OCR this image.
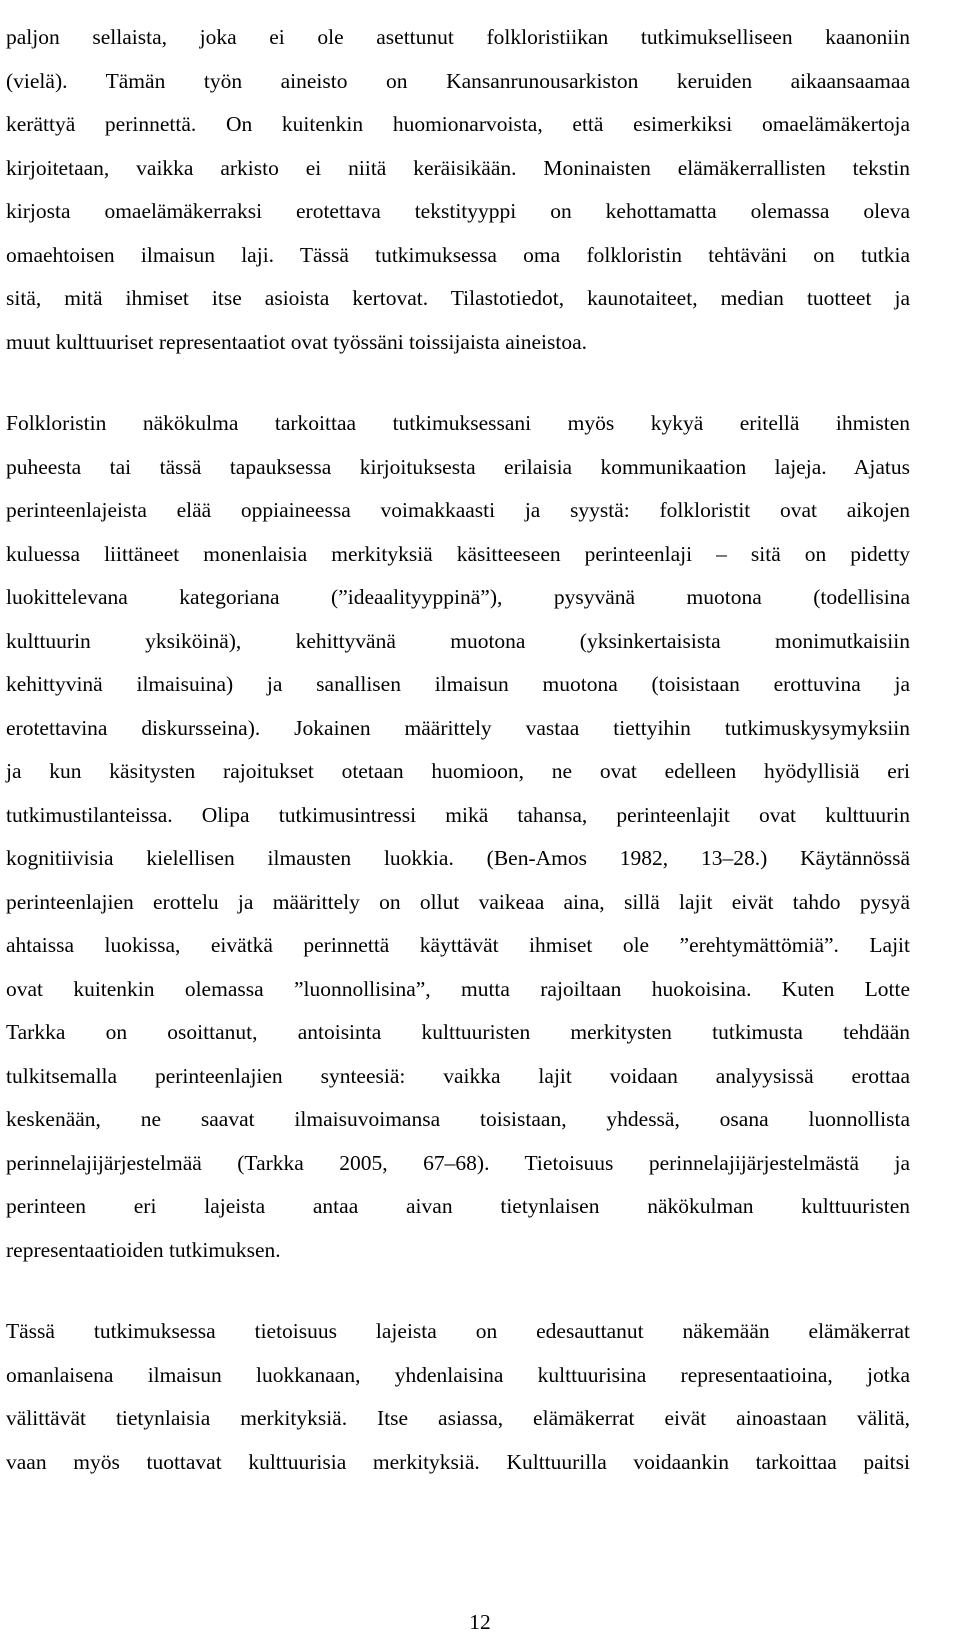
paljon sellaista, joka ei ole asettunut folkloristiikan tutkimukselliseen kaanoniin
(vielä). Tämän työn aineisto on Kansanrunousarkiston keruiden aikaansaamaa
kerättyä perinnettä. On kuitenkin huomionarvoista, että esimerkiksi omaelämäkertoja
kirjoitetaan, vaikka arkisto ei niitä keräisikään. Moninaisten elämäkerrallisten tekstin
kirjosta omaelämäkerraksi erotettava tekstityyppi on kehottamatta olemassa oleva
omaehtoisen ilmaisun laji. Tässä tutkimuksessa oma folkloristin tehtäväni on tutkia
sitä, mitä ihmiset itse asioista kertovat. Tilastotiedot, kaunotaiteet, median tuotteet ja
muut kulttuuriset representaatiot ovat työssäni toissijaista aineistoa.
Folkloristin näkökulma tarkoittaa tutkimuksessani myös kykyä eritellä ihmisten
puheesta tai tässä tapauksessa kirjoituksesta erilaisia kommunikaation lajeja. Ajatus
perinteenlajeista elää oppiaineessa voimakkaasti ja syystä: folkloristit ovat aikojen
kuluessa liittäneet monenlaisia merkityksiä käsitteeseen perinteenlaji – sitä on pidetty
luokittelevana kategoriana (”ideaalityyppinä”), pysyvänä muotona (todellisina
kulttuurin yksiköinä), kehittyvänä muotona (yksinkertaisista monimutkaisiin
kehittyvinä ilmaisuina) ja sanallisen ilmaisun muotona (toisistaan erottuvina ja
erotettavina diskursseina). Jokainen määrittely vastaa tiettyihin tutkimuskysymyksiin
ja kun käsitysten rajoitukset otetaan huomioon, ne ovat edelleen hyödyllisiä eri
tutkimustilanteissa. Olipa tutkimusintressi mikä tahansa, perinteenlajit ovat kulttuurin
kognitiivisia kielellisen ilmausten luokkia. (Ben-Amos 1982, 13–28.) Käytännössä
perinteenlajien erottelu ja määrittely on ollut vaikeaa aina, sillä lajit eivät tahdo pysyä
ahtaissa luokissa, eivätkä perinnettä käyttävät ihmiset ole ”erehtymättömiä”. Lajit
ovat kuitenkin olemassa ”luonnollisina”, mutta rajoiltaan huokoisina. Kuten Lotte
Tarkka on osoittanut, antoisinta kulttuuristen merkitysten tutkimusta tehdään
tulkitsemalla perinteenlajien synteesiä: vaikka lajit voidaan analyysissä erottaa
keskenään, ne saavat ilmaisuvoimansa toisistaan, yhdessä, osana luonnollista
perinnelajijärjestelmää (Tarkka 2005, 67–68). Tietoisuus perinnelajijärjestelmästä ja
perinteen eri lajeista antaa aivan tietynlaisen näkökulman kulttuuristen
representaatioiden tutkimuksen.
Tässä tutkimuksessa tietoisuus lajeista on edesauttanut näkemään elämäkerrat
omanlaisena ilmaisun luokkanaan, yhdenlaisina kulttuurisina representaatioina, jotka
välittävät tietynlaisia merkityksiä. Itse asiassa, elämäkerrat eivät ainoastaan välitä,
vaan myös tuottavat kulttuurisia merkityksiä. Kulttuurilla voidaankin tarkoittaa paitsi
12
